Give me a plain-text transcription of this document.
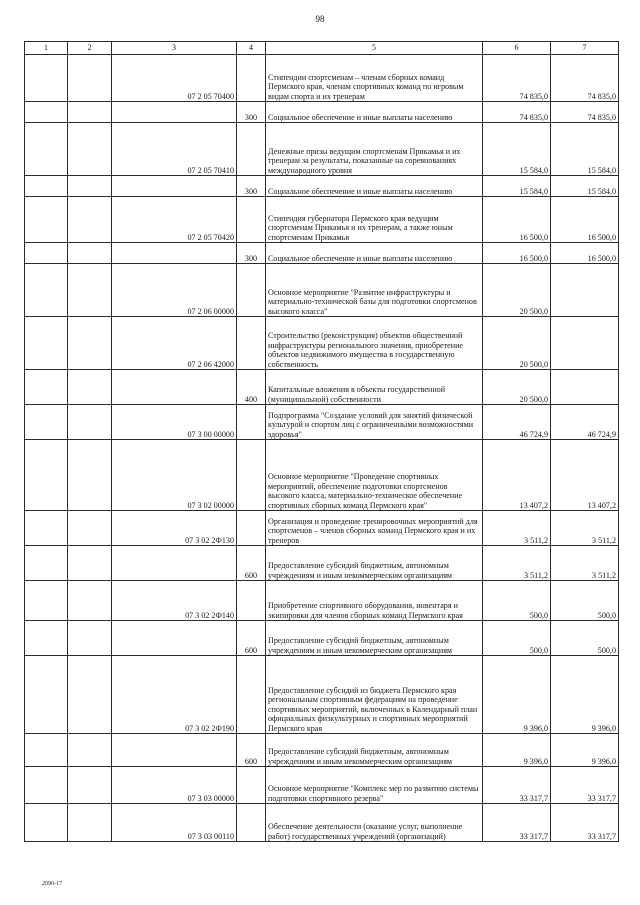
98
1	2	3	4	5	6	7
		07 2 05 70400		Стипендии спортсменам – членам сборных команд Пермского края, членам спортивных команд по игровым видам спорта и их тренерам	74 835,0	74 835,0
			300	Социальное обеспечение и иные выплаты населению	74 835,0	74 835,0
		07 2 05 70410		Денежные призы ведущим спортсменам Прикамья и их тренерам за результаты, показанные на соревнованиях международного уровня	15 584,0	15 584,0
			300	Социальное обеспечение и иные выплаты населению	15 584,0	15 584,0
		07 2 05 70420		Стипендия губернатора Пермского края ведущим спортсменам Прикамья и их тренерам, а также юным спортсменам Прикамья	16 500,0	16 500,0
			300	Социальное обеспечение и иные выплаты населению	16 500,0	16 500,0
		07 2 06 00000		Основное мероприятие "Развитие инфраструктуры и материально-технической базы для подготовки спортсменов высокого класса"	20 500,0	
		07 2 06 42000		Строительство (реконструкция) объектов общественной инфраструктуры регионального значения, приобретение объектов недвижимого имущества в государственную собственность	20 500,0	
			400	Капитальные вложения в объекты государственной (муниципальной) собственности	20 500,0	
		07 3 00 00000		Подпрограмма "Создание условий для занятий физической культурой и спортом лиц с ограниченными возможностями здоровья"	46 724,9	46 724,9
		07 3 02 00000		Основное мероприятие "Проведение спортивных мероприятий, обеспечение подготовки спортсменов высокого класса, материально-техническое обеспечение спортивных сборных команд Пермского края"	13 407,2	13 407,2
		07 3 02 2Ф130		Организация и проведение тренировочных мероприятий для спортсменов – членов сборных команд Пермского края и их тренеров	3 511,2	3 511,2
			600	Предоставление субсидий бюджетным, автономным учреждениям и иным некоммерческим организациям	3 511,2	3 511,2
		07 3 02 2Ф140		Приобретение спортивного оборудования, инвентаря и экипировки для членов сборных команд Пермского края	500,0	500,0
			600	Предоставление субсидий бюджетным, автономным учреждениям и иным некоммерческим организациям	500,0	500,0
		07 3 02 2Ф190		Предоставление субсидий из бюджета Пермского края региональным спортивным федерациям на проведение спортивных мероприятий, включенных в Календарный план официальных физкультурных и спортивных мероприятий Пермского края	9 396,0	9 396,0
			600	Предоставление субсидий бюджетным, автономным учреждениям и иным некоммерческим организациям	9 396,0	9 396,0
		07 3 03 00000		Основное мероприятие "Комплекс мер по развитию системы подготовки спортивного резерва"	33 317,7	33 317,7
		07 3 03 00110		Обеспечение деятельности (оказание услуг, выполнение работ) государственных учреждений (организаций)	33 317,7	33 317,7
2090-17
